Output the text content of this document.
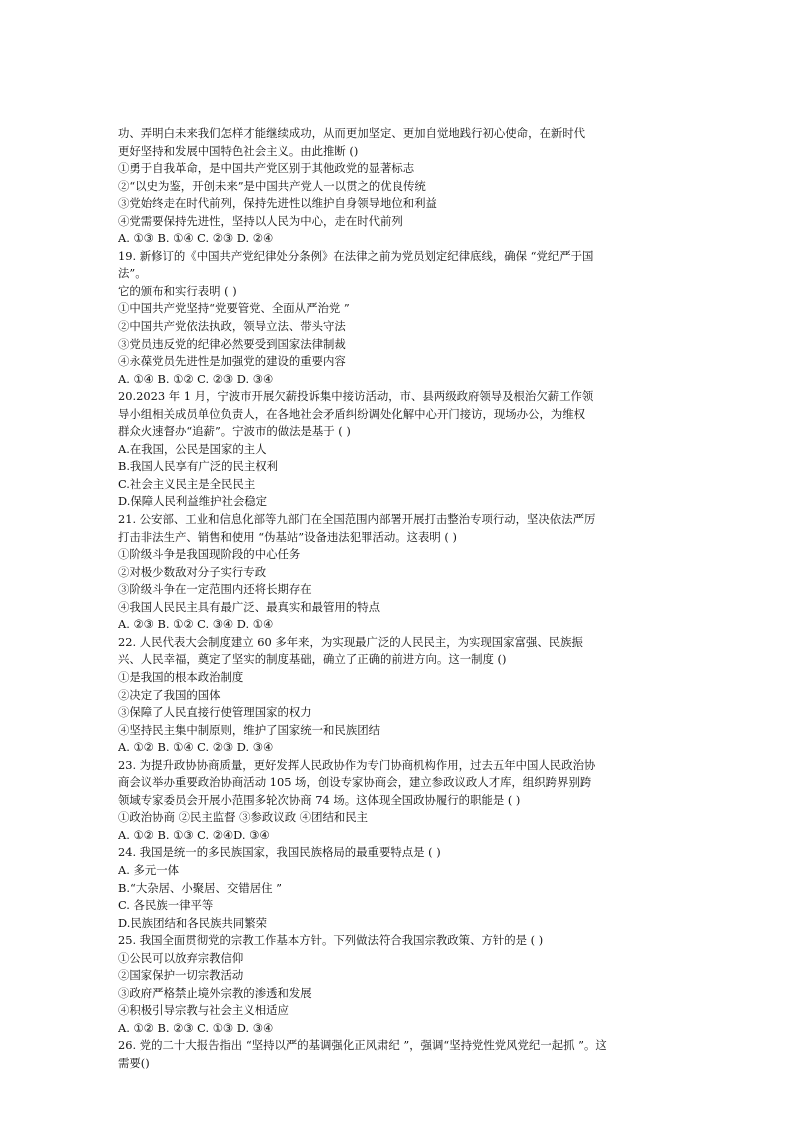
功、弄明白未来我们怎样才能继续成功，从而更加坚定、更加自觉地践行初心使命，在新时代
更好坚持和发展中国特色社会主义。由此推断 ()
①勇于自我革命，是中国共产党区别于其他政党的显著标志
②“以史为鉴，开创未来”是中国共产党人一以贯之的优良传统
③党始终走在时代前列，保持先进性以维护自身领导地位和利益
④党需要保持先进性，坚持以人民为中心，走在时代前列
A. ①③ B. ①④ C. ②③ D. ②④
19. 新修订的《中国共产党纪律处分条例》在法律之前为党员划定纪律底线，确保 “党纪严于国
法”。
它的颁布和实行表明 ( )
①中国共产党坚持“党要管党、全面从严治党 ”
②中国共产党依法执政，领导立法、带头守法
③党员违反党的纪律必然要受到国家法律制裁
④永葆党员先进性是加强党的建设的重要内容
A. ①④ B. ①② C. ②③ D. ③④
20.2023 年 1 月，宁波市开展欠薪投诉集中接访活动，市、县两级政府领导及根治欠薪工作领
导小组相关成员单位负责人，在各地社会矛盾纠纷调处化解中心开门接访，现场办公，为维权
群众火速督办“追薪”。宁波市的做法是基于 ( )
A.在我国，公民是国家的主人
B.我国人民享有广泛的民主权利
C.社会主义民主是全民民主
D.保障人民利益维护社会稳定
21. 公安部、工业和信息化部等九部门在全国范围内部署开展打击整治专项行动，坚决依法严厉
打击非法生产、销售和使用 “伪基站”设备违法犯罪活动。这表明 ( )
①阶级斗争是我国现阶段的中心任务
②对极少数敌对分子实行专政
③阶级斗争在一定范围内还将长期存在
④我国人民民主具有最广泛、最真实和最管用的特点
A. ②③ B. ①② C. ③④ D. ①④
22. 人民代表大会制度建立 60 多年来，为实现最广泛的人民民主，为实现国家富强、民族振
兴、人民幸福，奠定了坚实的制度基础，确立了正确的前进方向。这一制度 ()
①是我国的根本政治制度
②决定了我国的国体
③保障了人民直接行使管理国家的权力
④坚持民主集中制原则，维护了国家统一和民族团结
A. ①② B. ①④ C. ②③ D. ③④
23. 为提升政协协商质量，更好发挥人民政协作为专门协商机构作用，过去五年中国人民政治协
商会议举办重要政治协商活动 105 场，创设专家协商会，建立参政议政人才库，组织跨界别跨
领域专家委员会开展小范围多轮次协商 74 场。这体现全国政协履行的职能是 ( )
①政治协商 ②民主监督 ③参政议政 ④团结和民主
A. ①② B. ①③ C. ②④D. ③④
24. 我国是统一的多民族国家，我国民族格局的最重要特点是 ( )
A. 多元一体
B.“大杂居、小聚居、交错居住 ”
C. 各民族一律平等
D.民族团结和各民族共同繁荣
25. 我国全面贯彻党的宗教工作基本方针。下列做法符合我国宗教政策、方针的是 ( )
①公民可以放弃宗教信仰
②国家保护一切宗教活动
③政府严格禁止境外宗教的渗透和发展
④积极引导宗教与社会主义相适应
A. ①② B. ②③ C. ①③ D. ③④
26. 党的二十大报告指出 “坚持以严的基调强化正风肃纪 ”，强调“坚持党性党风党纪一起抓 ”。这
需要()
